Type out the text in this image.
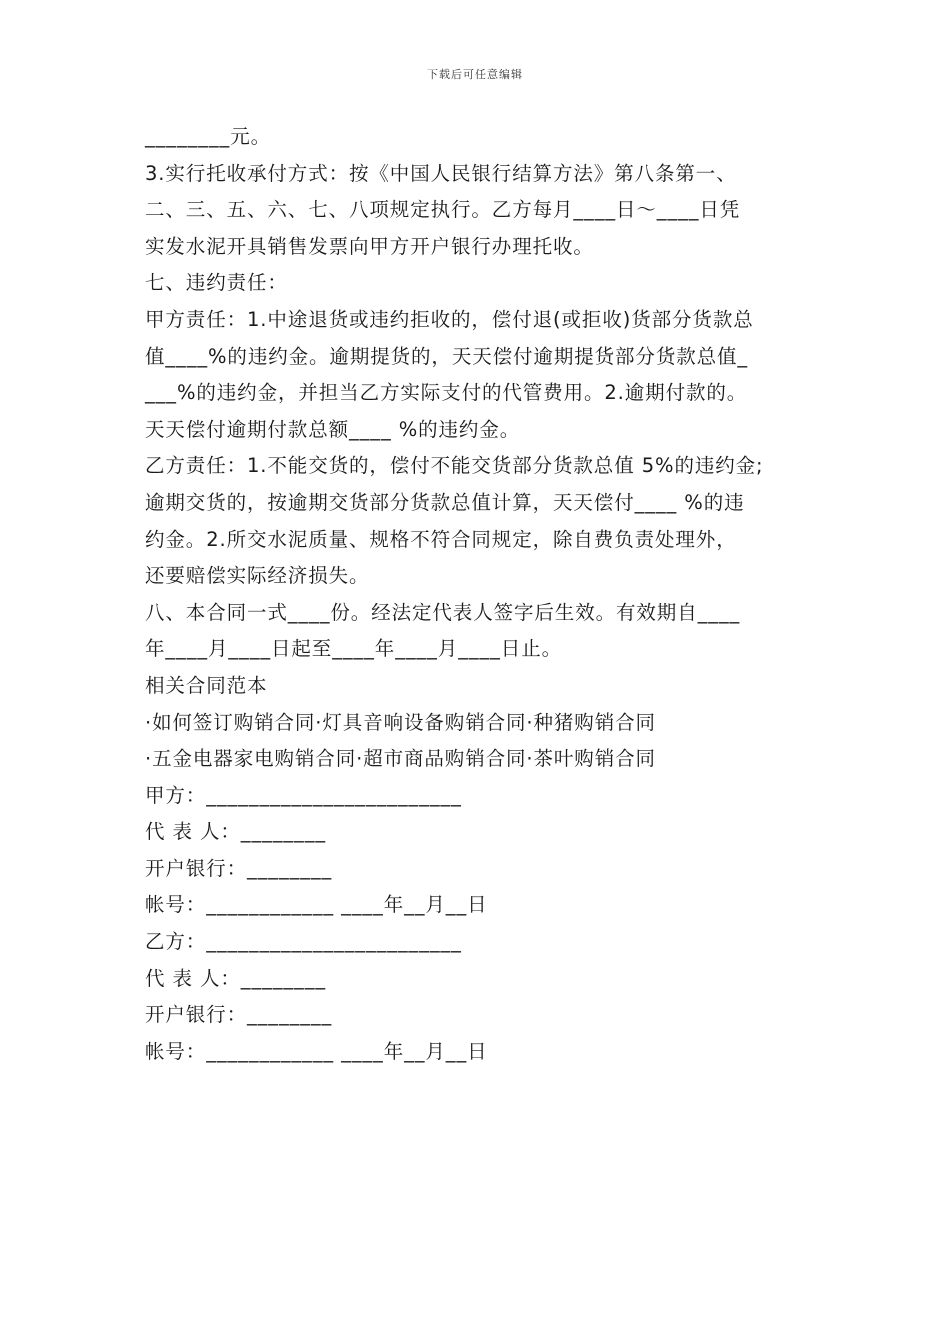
下载后可任意编辑
________元。
3.实行托收承付方式：按《中国人民银行结算方法》第八条第一、
二、三、五、六、七、八项规定执行。乙方每月____日～____日凭
实发水泥开具销售发票向甲方开户银行办理托收。
七、违约责任：
甲方责任：1.中途退货或违约拒收的，偿付退(或拒收)货部分货款总
值____%的违约金。逾期提货的，天天偿付逾期提货部分货款总值_
___%的违约金，并担当乙方实际支付的代管费用。2.逾期付款的。
天天偿付逾期付款总额____ %的违约金。
乙方责任：1.不能交货的，偿付不能交货部分货款总值 5%的违约金;
逾期交货的，按逾期交货部分货款总值计算，天天偿付____ %的违
约金。2.所交水泥质量、规格不符合同规定，除自费负责处理外，
还要赔偿实际经济损失。
八、本合同一式____份。经法定代表人签字后生效。有效期自____
年____月____日起至____年____月____日止。
相关合同范本
·如何签订购销合同·灯具音响设备购销合同·种猪购销合同
·五金电器家电购销合同·超市商品购销合同·茶叶购销合同
甲方：________________________
代 表 人：________
开户银行：________
帐号：____________ ____年__月__日
乙方：________________________
代 表 人：________
开户银行：________
帐号：____________ ____年__月__日
